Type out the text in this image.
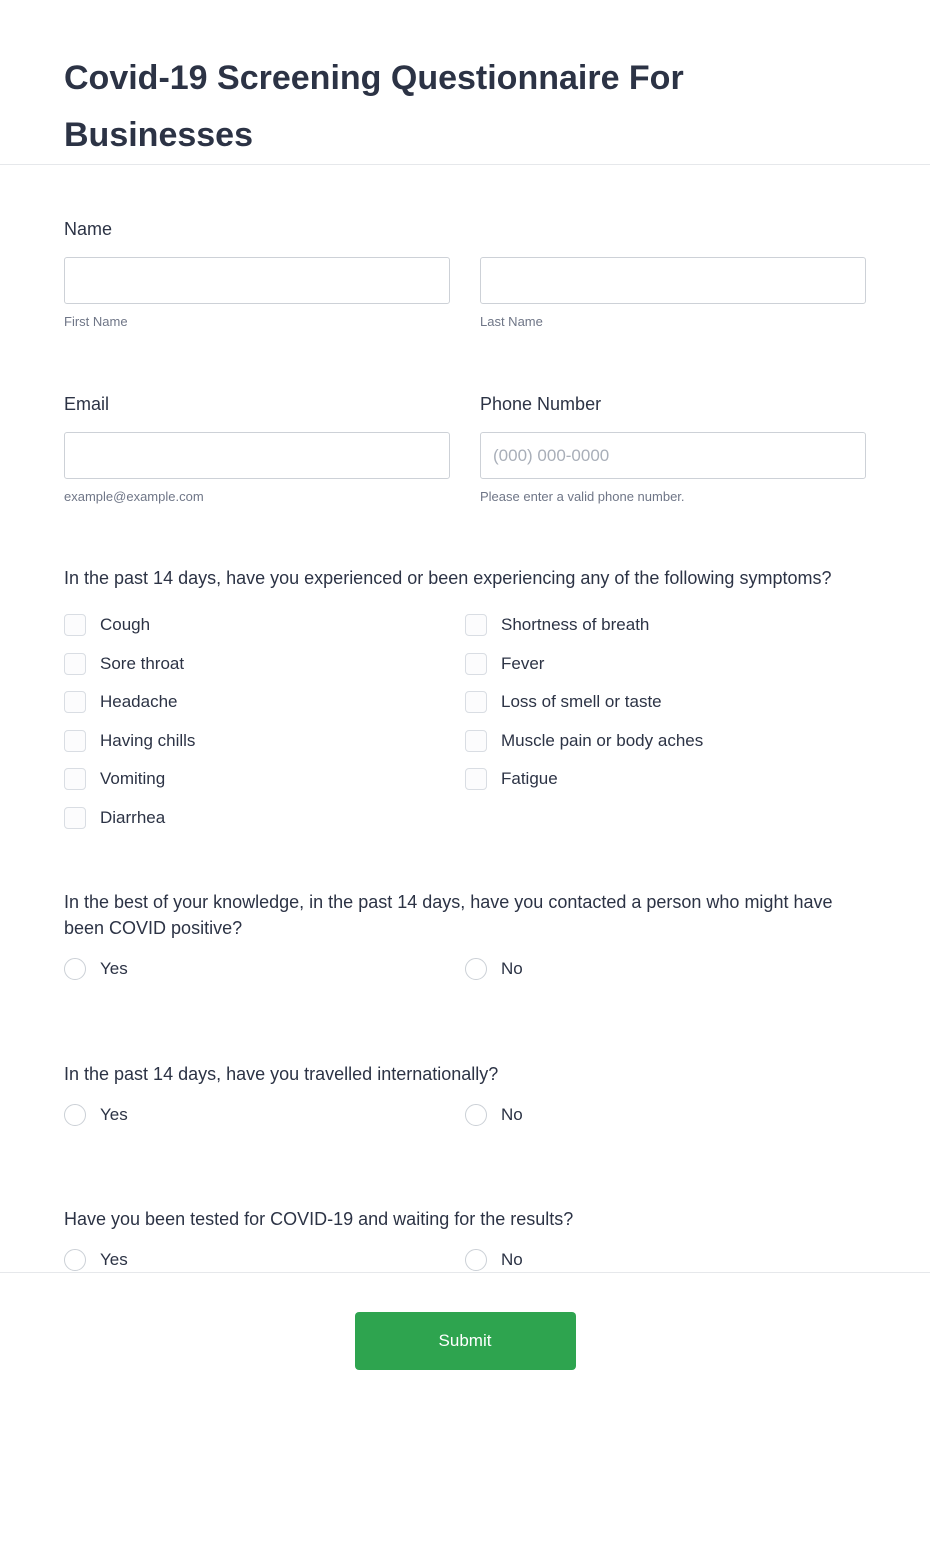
Covid-19 Screening Questionnaire For Businesses
Name
First Name	Last Name
Email
example@example.com
Phone Number
(000) 000-0000
Please enter a valid phone number.
In the past 14 days, have you experienced or been experiencing any of the following symptoms?
Cough
Sore throat
Headache
Having chills
Vomiting
Diarrhea
Shortness of breath
Fever
Loss of smell or taste
Muscle pain or body aches
Fatigue
In the best of your knowledge, in the past 14 days, have you contacted a person who might have been COVID positive?
Yes	No
In the past 14 days, have you travelled internationally?
Yes	No
Have you been tested for COVID-19 and waiting for the results?
Yes	No
Submit
